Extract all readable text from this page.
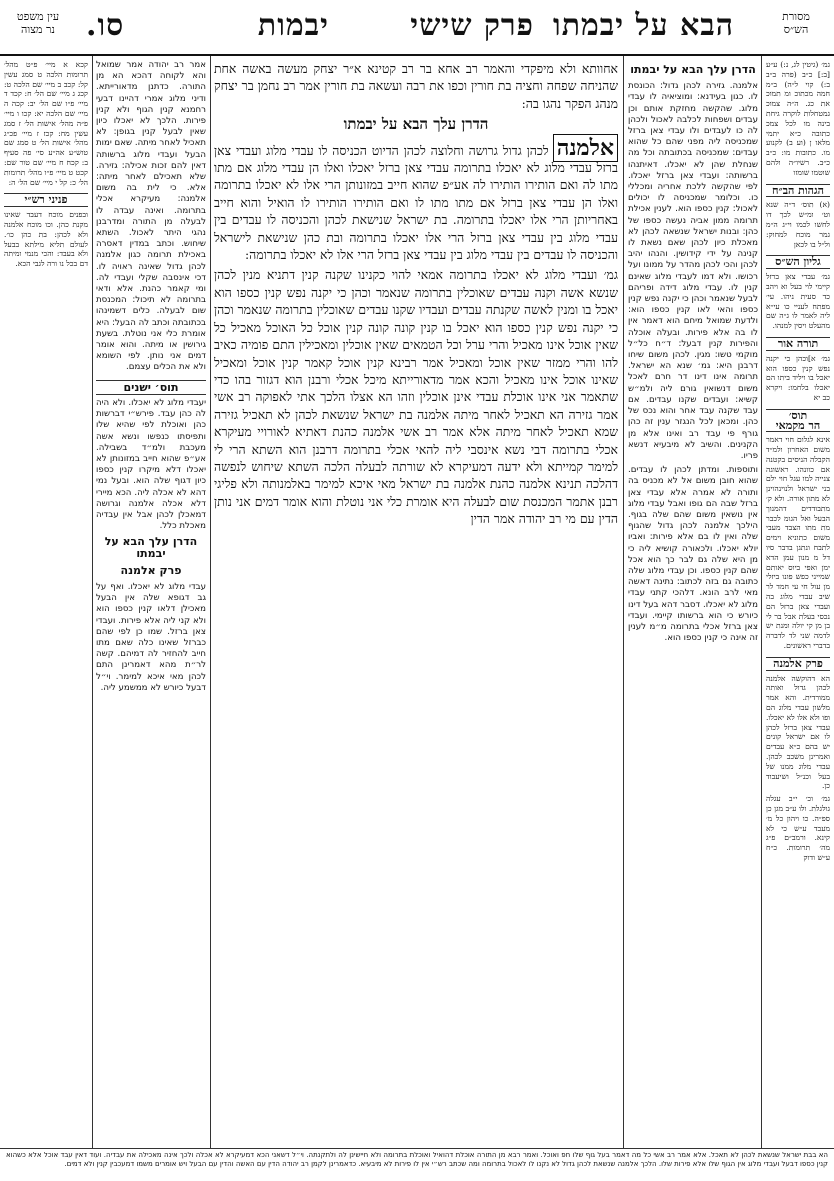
מסורת
הש״ס
הבא על יבמתו
פרק שישי
יבמות
סו.
עין משפט
נר מצוה

גמ׳ (גיטין לג, נ:) ע״ע [ב:] כ״ב (פרה ב״ב ב:) קוי ל״ה) ב״מ חמה מכתוכ ומ תמוכ את כג. ה״ה צמוכ גמטחלות לוקרה גיחת בינה מו לכל צמכ כתובה כ״א יתמי מלאו ן (וע ב) לקנוע מו. כתובות מו: כ״ב כ״ב. רשיו״ה ולהם שוטמו שומזו

הגהות הב״ח

(א) תוס׳ ד״ה שנא וט׳ ומ״ש לכך דו לחשו לכמו וי״ג ה״מ גמר מוכח למחוק: ול״ל בו לכאן

גליון הש״ס

גמ׳ עבדי צאן ברזל קיימי לוי בעל וא ויהב כד סעית ניהו. עי׳ מפתח לעניי כו עי״א ליה לאמר לו ג״ה שם מהעלט ויסין למנהו.

תורה אור

גמ׳ א]וכהן כי יקנה נפש קנין כספו הוא יאכל בו ויליד ביתו הם יאכלו בלחמו: ויקרא כב יא

תוס׳
הר מקמאי

אינא לגלום חוי דאמר משום האחרון ולמ״ד הקבלה הניסים בקטנה אם כוונהו. ראשוגה צנייה למו עגל חוי ילם בני ישראל ולנוינהוינן לא מתון אורה. ולא ק׳ מתבודדים דהמנוך הבעל ואל הגומ לכבר מת מתו הצבד מעבי משום כתוניא וימים לתבח ונתגן בדבר סיו דל מ מנון עמן הדא ימן ואפי ביוס יאותם שמייני כפש פונו ביזלי מן עול חי עי חמד לר שיב עבדי מלוג בה ועבדי צאן ברזל הם נכסי בעלת אבל בר לי בן מן קי יולה ומנת יש לדמה שני לד לדברה בדברי ראשונים.

פרק אלמנה

הא דהוקשה אלמנה לכהן גדול ואותה ממורדית. והא אמר מלשון עבדי מלוג הם ופו ולא אלו לא יאכלו. עבדי צאן ברזל לכהן לו אם ישראל קונים יש בהם כ״א עבדים ואמרינן משכב לכהן. עבדי מלוג ממנו של בעל וכנ״ל ושיעבוד כן.

גמ׳ וכ׳ י״ב עגלה גולגלת. ולו ע״ב מגן כן ספ״ה. כו ויהון כל מ׳ מעבד ע״ש כי לא קינא. ורמב״ם פ״ג מה׳ תרומות. כ״ח ע״ש ודוק

הדרן עלך הבא על יבמתו

אלמנה. גזירה לכהן גדול: הכונסת לו. כגון בעידנא: ומוציאיה לו עבדי מלוג. שהקשה מחזקת אותם וכן עבדים ושפחות לכלבה לאכול ולכהן לה כו לעבדים ולו עבדי צאן ברזל שמכניסה ליה מפני שהם כל שהוא עבדים: שמכניסה בכתובתה וכל מה שנחלת שהן לא יאכלו. דאיתנהו ברשותה: ועבדי צאן ברזל יאכלו. לפי שהקשה ללכת אחריה ומכללי כו. וכלומר שמכניסה לו יכולים לאכול: קנין כספו הוא. לענין אכילת תרומה ממון אביה נעשה כספו של כהן: ובנות ישראל שנשאה לכהן לא מאכלת כיון לכהן שאם נשאת לו קנינה על ידי קידושין. והנהו יהיב לכהן והכי לכהן מהדר על ממונו ועל רכושו. ולא דמו לעבדי מלוג שאינם קנין לו. עבדי מלוג דידה ופריהם לבעל שנאמר וכהן כי יקנה נפש קנין כספו והאי לאו קנין כספו הוא: ולדעת שמואל מיחם הוא דאמר אין לו בה אלא פירות. ובעלה אוכלה והפירות קנין דבעל: ד״ח כל״ל מוקמי טשו: מגין. לכהן משום שיחו דרבנן היא: גמ׳ שנא הא ישראל. תרומה אינו דינו דר חרם לאכל משום דנשואין גורם ליה ולמ״ש קשיא: ועבדים שקנו עבדים. אם עבד שקנה עבד אחר והוא נכס של כהן. ומכאן לכל הנגזר ענין זה כהן גורף פי עבד רב ואינו אלא מן הקנינים. והשיב לא מיבעיא דנשא פריו.

ותוספות. ומדתן לכהן לו עבדים. שהוא חובן משום אל לא מכניס בה ותורה לא אמרה אלא עבדי צאן ברזל שבה הם גופו ואבל עבדי מלוג אין נושאין משום שהם שלה בגוף. הילכך אלמנה לכהן גדול שהגוף שלה ואין לו בם אלא פירות: ואביו יולא יאכלו. ולכאורה קושיא ליה כי מן היא שלה גם לבר כך הוא אכל שהם קנין כספו. וכן עבדי מלוג שלה כתובה גם בזה לכתוב: נתינה דאשה מאי לרב הונא. דלהכי קתני עבדי מלוג לא יאכלו. דסבר דהא בעל דינו כיורש כי הוא ברשותו קיימי. ועבדי צאן ברזל אכלי בתרומה מ״מ לענין זה אינה כי קנין כספו הוא.

אחוותא ולא מיפקדי והאמר רב אחא בר רב קטינא א״ר יצחק מעשה באשה אחת שהניחה שפחה וחציה בת חורין וכפו את רבה ועשאה בת חורין אמר רב נחמן בר יצחק מנהג הפקר נהגו בה:

הדרן עלך הבא על יבמתו

אלמנהלכהן גדול גרושה וחלוצה לכהן הדיוט הכניסה לו עבדי מלוג ועבדי צאן ברזל עבדי מלוג לא יאכלו בתרומה עבדי צאן ברזל יאכלו ואלו הן עבדי מלוג אם מתו מתו לה ואם הותירו הותירו לה אע״פ שהוא חייב במזונותן הרי אלו לא יאכלו בתרומה ואלו הן עבדי צאן ברזל אם מתו מתו לו ואם הותירו הותירו לו הואיל והוא חייב באחריותן הרי אלו יאכלו בתרומה. בת ישראל שנישאת לכהן והכניסה לו עבדים בין עבדי מלוג בין עבדי צאן ברזל הרי אלו יאכלו בתרומה ובת כהן שנישאת לישראל והכניסה לו עבדים בין עבדי מלוג בין עבדי צאן ברזל הרי אלו לא יאכלו בתרומה:

גמ׳ ועבדי מלוג לא יאכלו בתרומה אמאי להוי כקנינו שקנה קנין דתניא מנין לכהן שנשא אשה וקנה עבדים שאוכלין בתרומה שנאמר וכהן כי יקנה נפש קנין כספו הוא יאכל בו ומנין לאשה שקנתה עבדים ועבדיו שקנו עבדים שאוכלין בתרומה שנאמר וכהן כי יקנה נפש קנין כספו הוא יאכל בו קנין קונה קונה קנין אוכל כל האוכל מאכיל כל שאין אוכל אינו מאכיל והרי ערל וכל הטמאים שאין אוכלין ומאכילין התם פומיה כאיב להו והרי ממזר שאין אוכל ומאכיל אמר רבינא קנין אוכל קאמר קנין אוכל ומאכיל שאינו אוכל אינו מאכיל והכא אמר מדאורייתא מיכל אכלי ורבנן הוא דגזור בהו כדי שתאמר אני אינו אוכלת עבדי אינן אוכלין וזהו הא אצלו הלכך אתי לאפוקה רב אשי אמר גזירה הא תאכיל לאחר מיתה אלמנה בת ישראל שנשאת לכהן לא תאכיל גזירה שמא תאכיל לאחר מיתה אלא אמר רב אשי אלמנה כהנת דאתיא לאורויי מעיקרא אכלי בתרומה דבי נשא אינסבי ליה להאי אכלי בתרומה דרבנן הוא השתא הרי לי למימר קמייתא ולא ידעה דמעיקרא לא שורתה לבעלה הלכה השתא שיחוש לנפשה דהלכה תנינא אלמנה כהנת אלמנה בת ישראל מאי איכא למימר באלמנותה ולא פליגי רבנן אתמר המכנסת שום לבעלה היא אומרת כלי אני נוטלת והוא אומר דמים אני נותן הדין עם מי רב יהודה אמר הדין

אמר רב יהודה אמר שמואל והא לקוחה דהכא הא מן התורה. כדתנן מדאורייתא. ודיני מלוג אמרי דהיינו דבעי רחמנא קנין הגוף ולא קנין פירות. הלכך לא יאכלו כיון שאין לבעל קנין בגופן: לא תאכיל לאחר מיתה. שאם ימות הבעל ועבדי מלוג ברשותה דאין להם זכות אכילה: גזירה. שלא תאכילם לאחר מיתה: אלא. כי לית בה משום אלמנה: מעיקרא אכלי בתרומה. ואינה עבדה לו לבעלה מן התורה ומדרבנן נהגי היתר לאכול. השתא שיחוש. וכתב במדין דאסרה באכילת תרומה כגון אלמנה לכהן גדול שאינה ראויה לו. דכי אינסבה שקלי ועבדי לה. ומי קאמר כהנת. אלא ודאי בתרומה לא תיכול: המכנסת שום לבעלה. כלים דשמינהו בכתובתה וכתב לה הבעל: היא אומרת כלי אני נוטלת. בשעת גירושין או מיתה. והוא אומר דמים אני נותן. לפי השומא ולא את הכלים עצמם.

תוס׳ ישנים

יעבדי מלוג לא יאכלו. ולא היה לה כהן עבד. פירש״י דברשות כהן ואוכלת לפי שהיא שלו ותפיסתו כנפשו ונשא אשה מעכבת ולמ״ד בשבילה. אע״פ שהוא חייב במזונותן לא יאכלו דלא מיקרו קנין כספו כיון דגוף שלה הוא. ובעל נמי דהא לא אכלה ליה. הכא מיירי דלא אכלה אלמנה וגרושה דמאכלן לכהן אבל אין עבדיה מאכלת כלל.

הדרן עלך הבא על יבמתו
פרק אלמנה

עבדי מלוג לא יאכלו. ואף על גב דגופא שלה אין הבעל מאכילן דלאו קנין כספו הוא ולא קני ליה אלא פירות. ועבדי צאן ברזל. שמו כן לפי שהם כברזל שאינו כלה שאם מתו חייב להחזיר לה דמיהם. קשה לר״ת מהא דאמרינן התם לכהן מאי איכא למימר. וי״ל דבעל כיורש לא ממשמע ליה.

קכא א מיי׳ פ״ט מהל׳ תרומות הלכה ט סמג עשין קל: קכב ב מיי׳ שם הלכה ט: קכג ג מיי׳ שם הל׳ ח: קכד ד מיי׳ פ״ו שם הל׳ יב: קכה ה מיי׳ שם הלכה יא: קכו ו מיי׳ פ״ה מהל׳ אישות הל׳ ז סמג עשין מח: קכז ז מיי׳ פכ״ג מהל׳ אישות הל׳ ט סמג שם טוש״ע אה״ע סי׳ פה סעיף ב: קכח ח מיי׳ שם טור שם: קכט ט מיי׳ פ״ו מהל׳ תרומות הל׳ כ: קל י מיי׳ שם הל׳ ה:

פניני רש״י

ובפנים מוכח דעבד שאינו מקנת כהן. וכו מוכח אלמנה ולא לכהן: בת כהן כו׳. לעולם תליא מילתא בבעל ולא בעבד: והכי מנמי ומיתה דם בכל נו ורה לגבי הכא.

הא בבת ישראל שנשאת לכהן לא תאכל. אלא אמר רב אשי כל מה דאמר בעל גוף שלו חפ ואוכל. ואמר רבא מן התורה אוכלת דהואיל ואוכלת בתרומה ולא חיישינן לה ולתקנתה. וי״ל דשאני הכא דמעיקרא לא אכלה ולכך אינה מאכילה את עבדיה. ועוד דאין עבד אוכל אלא כשהוא קנין כספו דבעל ועבדי מלוג אין הגוף שלו אלא פירות שלו. הלכך אלמנה שנשאת לכהן גדול לא נקנו לו לאכול בתרומה ומה שכתב רש״י אין לו פירות לא מיבעיא. כדאמרינן לקמן רב יהודה הדין עם האשה והדין עם הבעל ויש אומרים משמו דמעכבין קנין ולא דמים.
